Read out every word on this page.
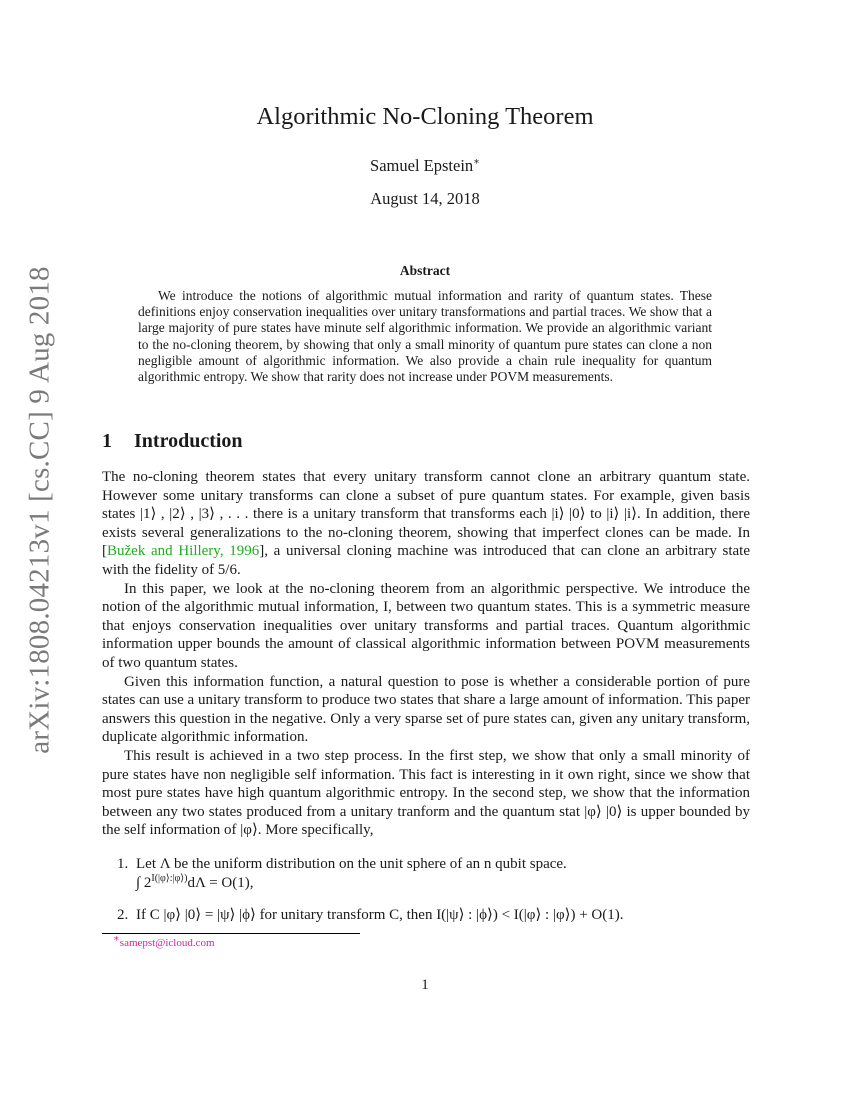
arXiv:1808.04213v1 [cs.CC] 9 Aug 2018
Algorithmic No-Cloning Theorem
Samuel Epstein∗
August 14, 2018
Abstract

We introduce the notions of algorithmic mutual information and rarity of quantum states. These definitions enjoy conservation inequalities over unitary transformations and partial traces. We show that a large majority of pure states have minute self algorithmic information. We provide an algorithmic variant to the no-cloning theorem, by showing that only a small minority of quantum pure states can clone a non negligible amount of algorithmic information. We also provide a chain rule inequality for quantum algorithmic entropy. We show that rarity does not increase under POVM measurements.

1 Introduction

The no-cloning theorem states that every unitary transform cannot clone an arbitrary quantum state. However some unitary transforms can clone a subset of pure quantum states. For example, given basis states |1⟩ , |2⟩ , |3⟩ , . . . there is a unitary transform that transforms each |i⟩ |0⟩ to |i⟩ |i⟩. In addition, there exists several generalizations to the no-cloning theorem, showing that imperfect clones can be made. In [Bužek and Hillery, 1996], a universal cloning machine was introduced that can clone an arbitrary state with the fidelity of 5/6.

In this paper, we look at the no-cloning theorem from an algorithmic perspective. We introduce the notion of the algorithmic mutual information, I, between two quantum states. This is a symmetric measure that enjoys conservation inequalities over unitary transforms and partial traces. Quantum algorithmic information upper bounds the amount of classical algorithmic information between POVM measurements of two quantum states.

Given this information function, a natural question to pose is whether a considerable portion of pure states can use a unitary transform to produce two states that share a large amount of information. This paper answers this question in the negative. Only a very sparse set of pure states can, given any unitary transform, duplicate algorithmic information.

This result is achieved in a two step process. In the first step, we show that only a small minority of pure states have non negligible self information. This fact is interesting in it own right, since we show that most pure states have high quantum algorithmic entropy. In the second step, we show that the information between any two states produced from a unitary tranform and the quantum stat |φ⟩ |0⟩ is upper bounded by the self information of |φ⟩. More specifically,

1. Let Λ be the uniform distribution on the unit sphere of an n qubit space.
∫ $2^{I(|\varphi⟩:|\varphi⟩)}d\Lambda = O(1)$,
2. If C |φ⟩ |0⟩ = |ψ⟩ |ϕ⟩ for unitary transform C, then I(|ψ⟩ : |ϕ⟩) < I(|φ⟩ : |φ⟩) + O(1).
∗samepst@icloud.com
1
